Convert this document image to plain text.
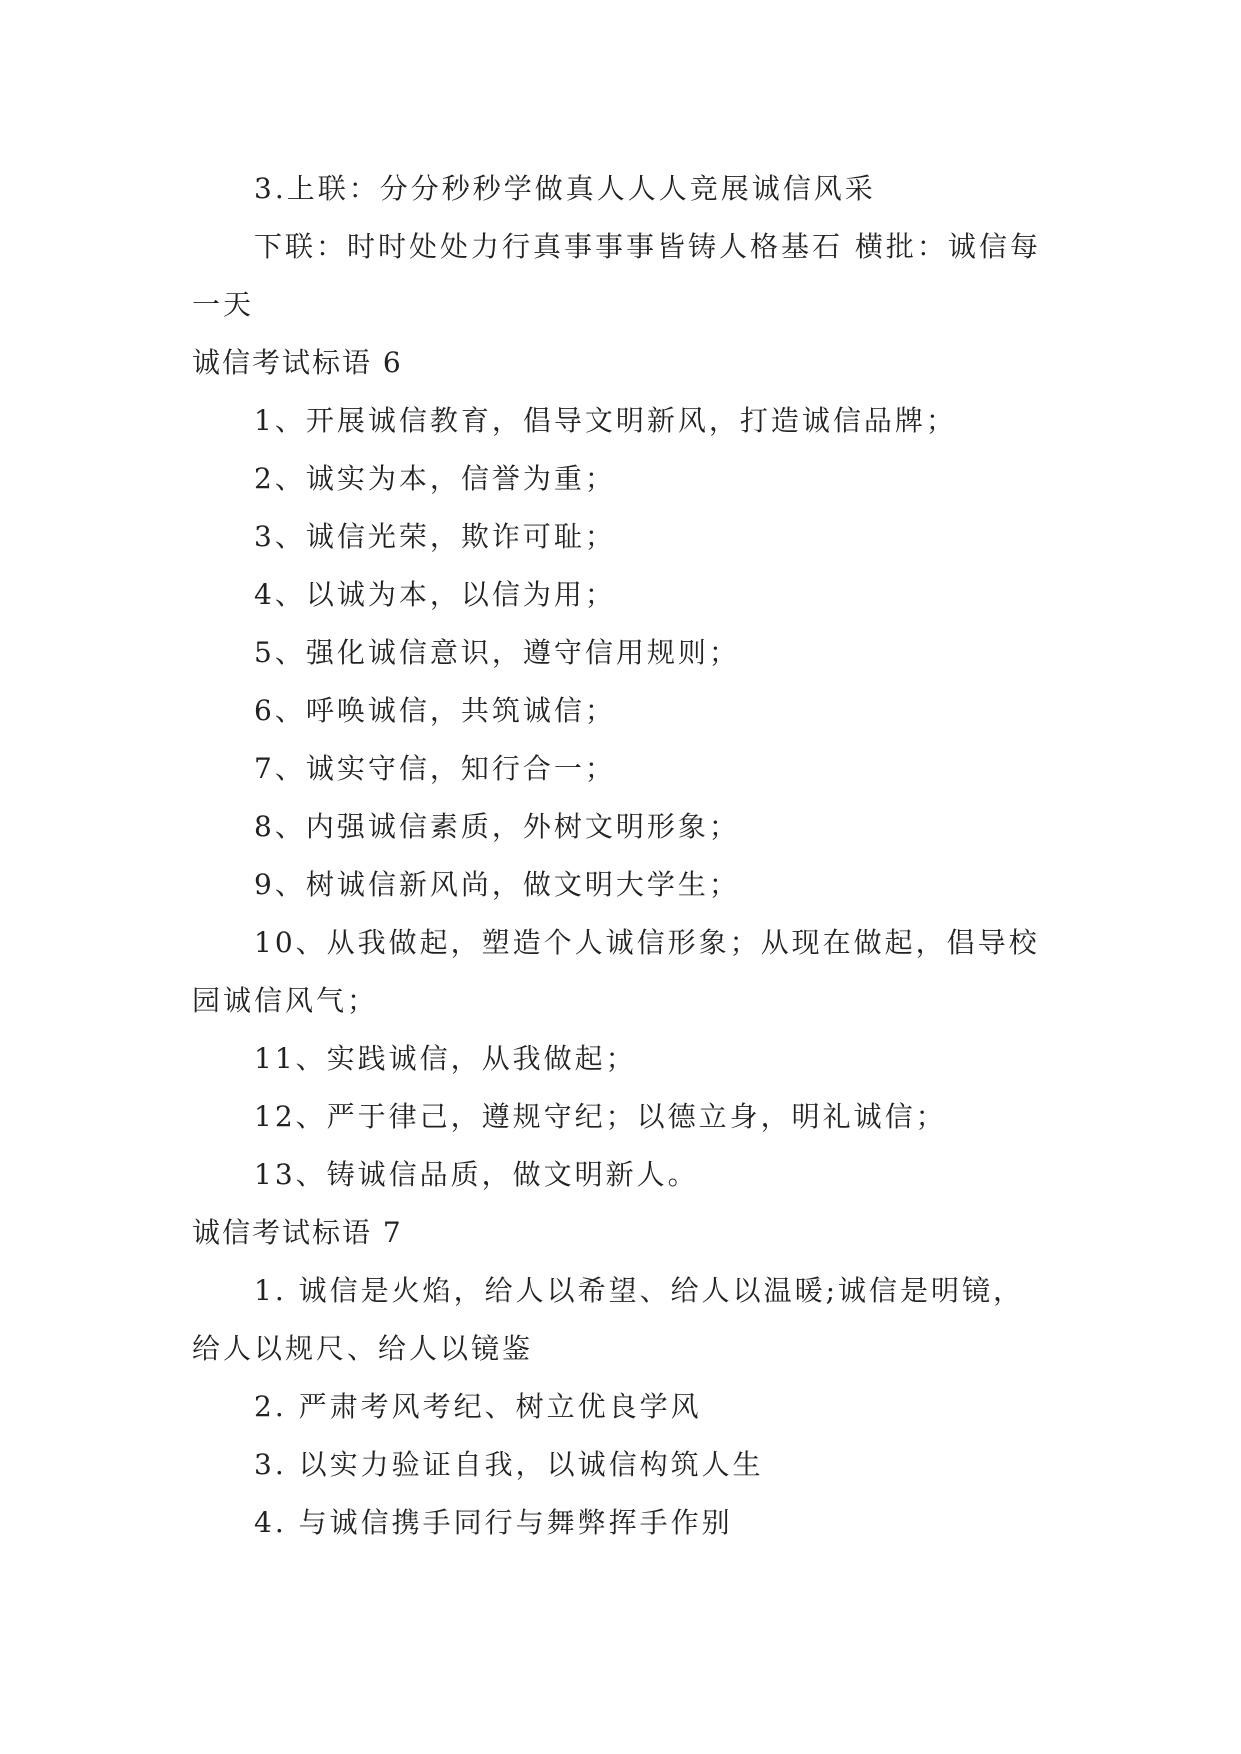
3.上联：分分秒秒学做真人人人竞展诚信风采

下联：时时处处力行真事事事皆铸人格基石 横批：诚信每一天

诚信考试标语 6

1、开展诚信教育，倡导文明新风，打造诚信品牌；

2、诚实为本，信誉为重；

3、诚信光荣，欺诈可耻；

4、以诚为本，以信为用；

5、强化诚信意识，遵守信用规则；

6、呼唤诚信，共筑诚信；

7、诚实守信，知行合一；

8、内强诚信素质，外树文明形象；

9、树诚信新风尚，做文明大学生；

10、从我做起，塑造个人诚信形象；从现在做起，倡导校园诚信风气；

11、实践诚信，从我做起；

12、严于律己，遵规守纪；以德立身，明礼诚信；

13、铸诚信品质，做文明新人。

诚信考试标语 7

1. 诚信是火焰，给人以希望、给人以温暖;诚信是明镜，给人以规尺、给人以镜鉴

2. 严肃考风考纪、树立优良学风

3. 以实力验证自我，以诚信构筑人生

4. 与诚信携手同行与舞弊挥手作别
